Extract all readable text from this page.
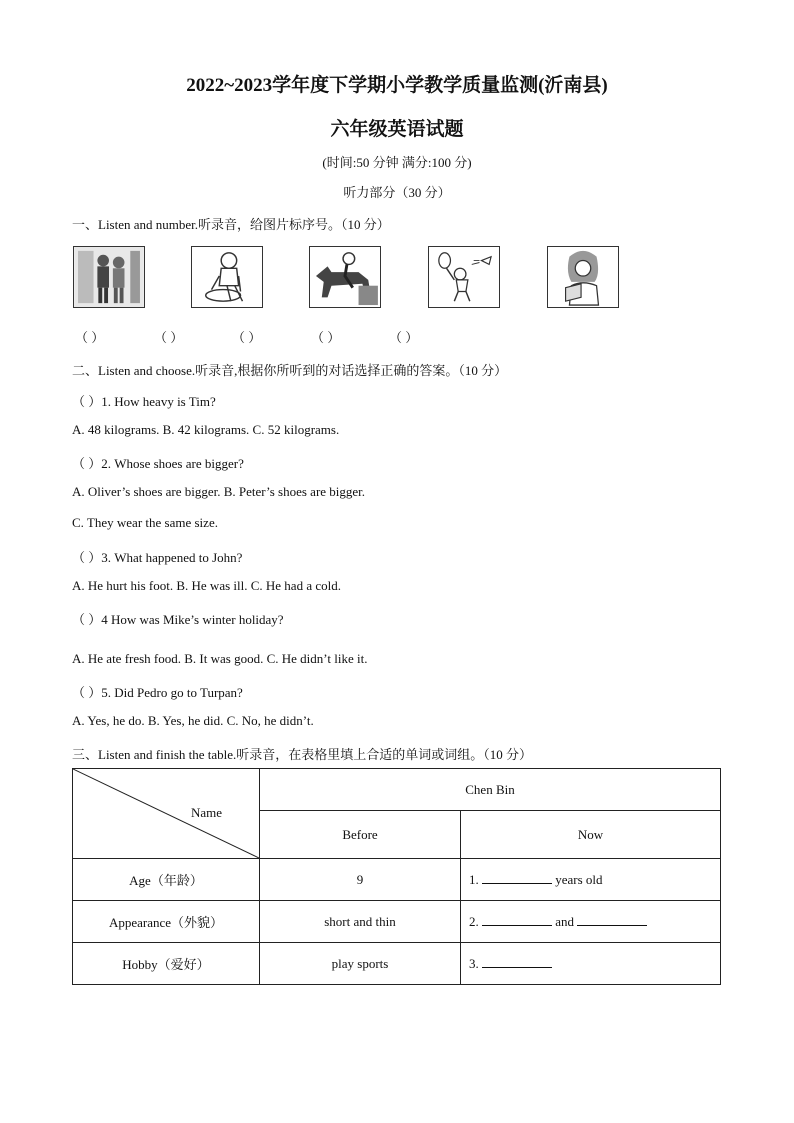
2022~2023学年度下学期小学教学质量监测(沂南县)
六年级英语试题
(时间:50 分钟 满分:100 分)
听力部分（30 分）
一、Listen and number.听录音，给图片标序号。（10 分）
（ ）	（ ）	（ ）	（ ）	（ ）
二、Listen and choose.听录音,根据你所听到的对话选择正确的答案。（10 分）
（ ）1. How heavy is Tim?
A. 48 kilograms. B. 42 kilograms. C. 52 kilograms.
（ ）2. Whose shoes are bigger?
A. Oliver’s shoes are bigger. B. Peter’s shoes are bigger.
C. They wear the same size.
（ ）3. What happened to John?
A. He hurt his foot. B. He was ill. C. He had a cold.
（ ）4 How was Mike’s winter holiday?
A. He ate fresh food. B. It was good. C. He didn’t like it.
（ ）5. Did Pedro go to Turpan?
A. Yes, he do. B. Yes, he did. C. No, he didn’t.
三、Listen and finish the table.听录音，在表格里填上合适的单词或词组。（10 分）
Name	Chen Bin	
	Before	Now
Age（年龄）	9	1. years old
Appearance（外貌）	short and thin	2. and
Hobby（爱好）	play sports	3.
